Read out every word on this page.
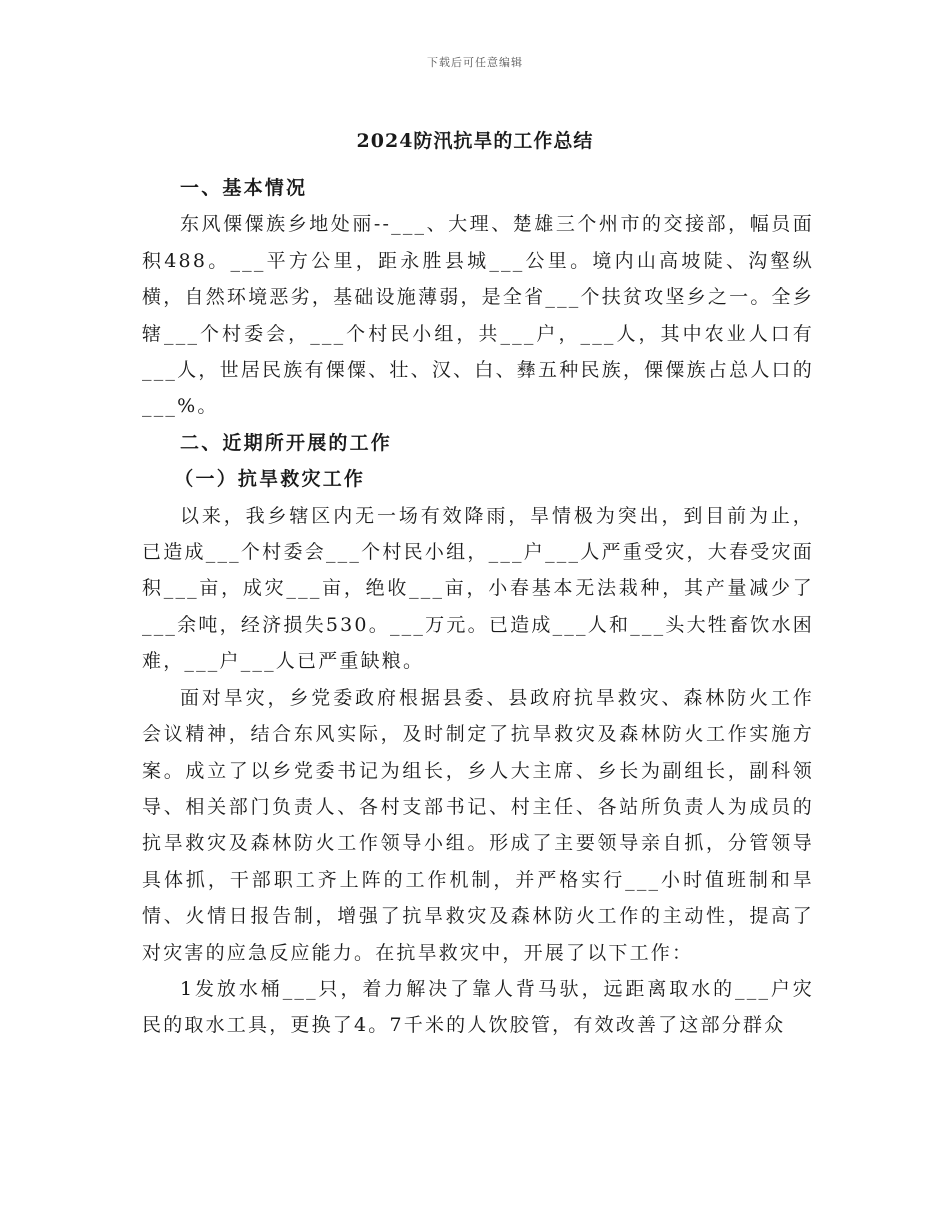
下载后可任意编辑
2024防汛抗旱的工作总结

一、基本情况

东风傈僳族乡地处丽--___、大理、楚雄三个州市的交接部，幅员面积488。___平方公里，距永胜县城___公里。境内山高坡陡、沟壑纵横，自然环境恶劣，基础设施薄弱，是全省___个扶贫攻坚乡之一。全乡辖___个村委会，___个村民小组，共___户，___人，其中农业人口有___人，世居民族有傈僳、壮、汉、白、彝五种民族，傈僳族占总人口的___%。

二、近期所开展的工作

（一）抗旱救灾工作

以来，我乡辖区内无一场有效降雨，旱情极为突出，到目前为止，已造成___个村委会___个村民小组，___户___人严重受灾，大春受灾面积___亩，成灾___亩，绝收___亩，小春基本无法栽种，其产量减少了___余吨，经济损失530。___万元。已造成___人和___头大牲畜饮水困难，___户___人已严重缺粮。

面对旱灾，乡党委政府根据县委、县政府抗旱救灾、森林防火工作会议精神，结合东风实际，及时制定了抗旱救灾及森林防火工作实施方案。成立了以乡党委书记为组长，乡人大主席、乡长为副组长，副科领导、相关部门负责人、各村支部书记、村主任、各站所负责人为成员的抗旱救灾及森林防火工作领导小组。形成了主要领导亲自抓，分管领导具体抓，干部职工齐上阵的工作机制，并严格实行___小时值班制和旱情、火情日报告制，增强了抗旱救灾及森林防火工作的主动性，提高了对灾害的应急反应能力。在抗旱救灾中，开展了以下工作：

1发放水桶___只，着力解决了靠人背马驮，远距离取水的___户灾民的取水工具，更换了4。7千米的人饮胶管，有效改善了这部分群众
